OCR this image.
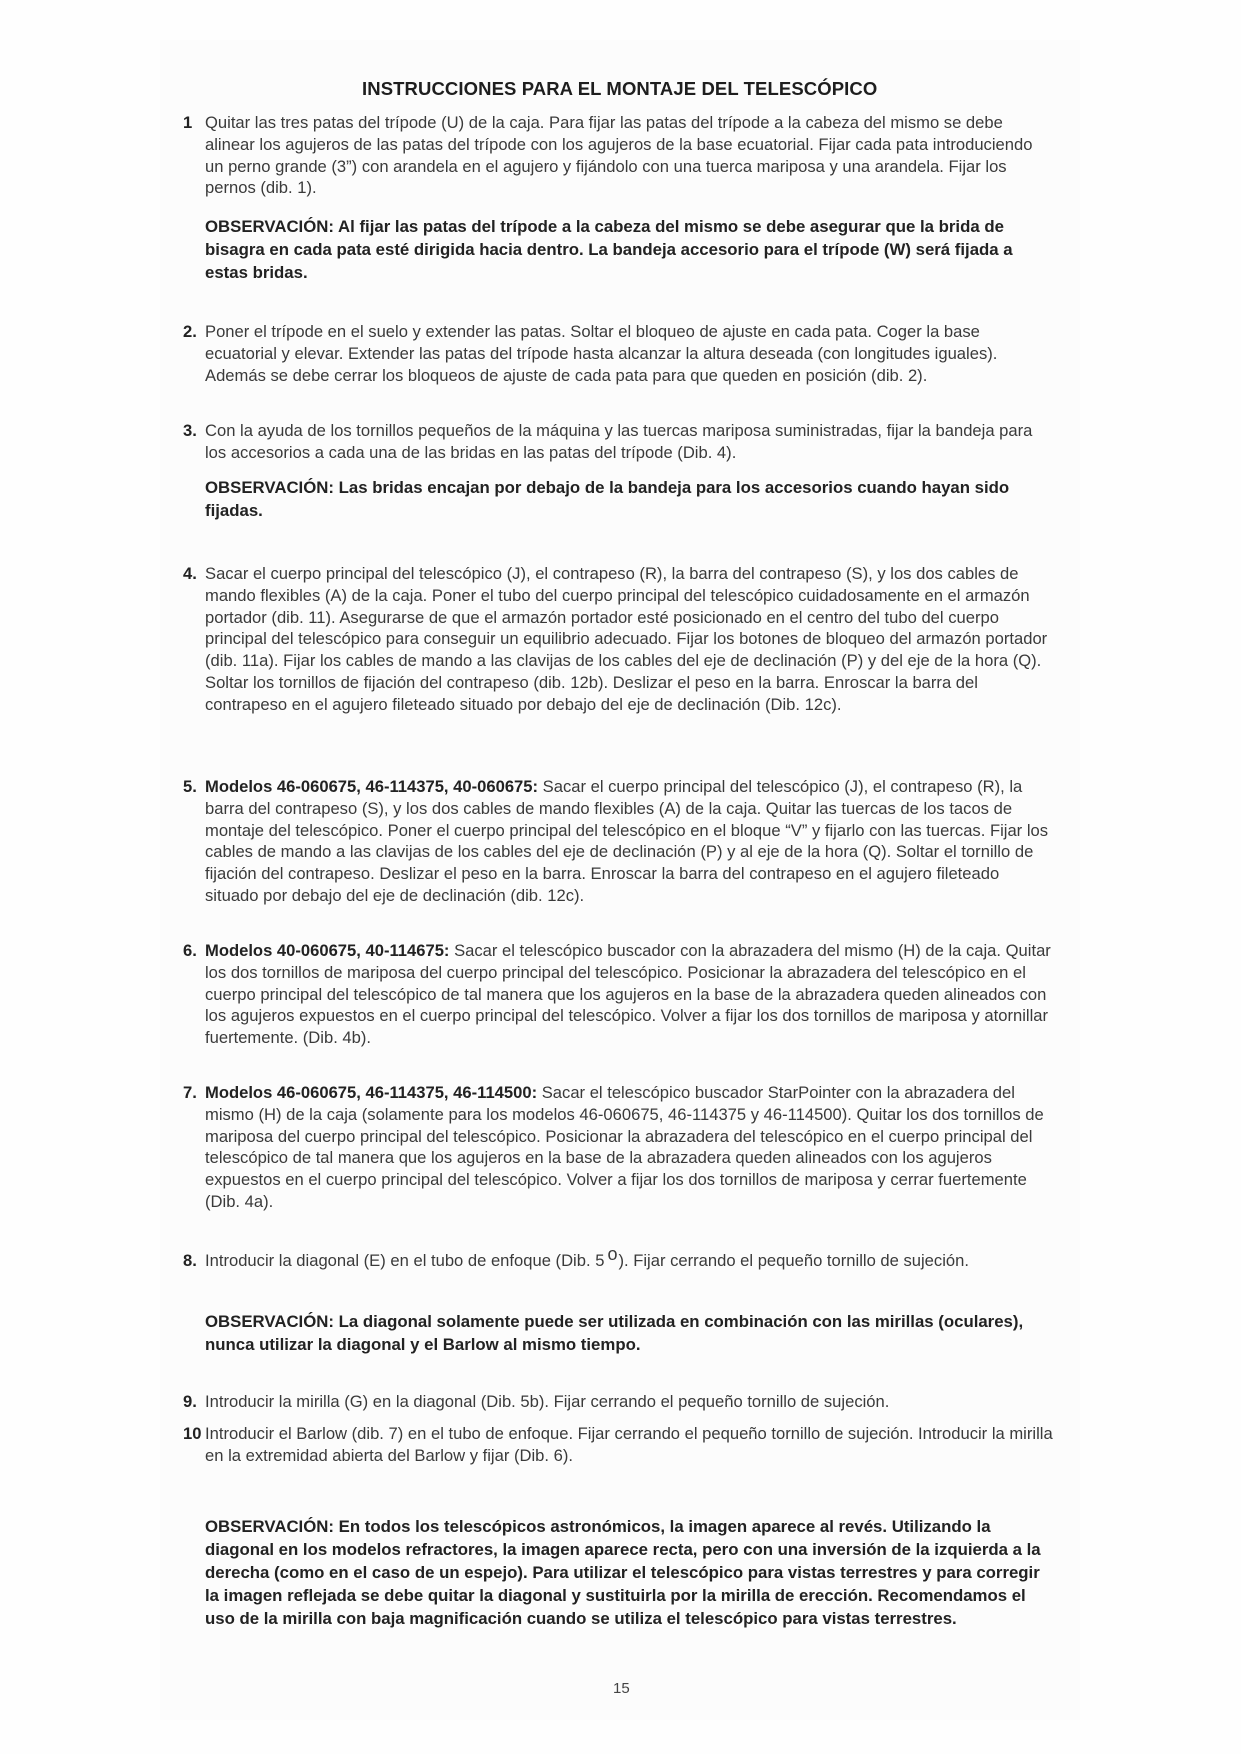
INSTRUCCIONES PARA EL MONTAJE DEL TELESCÓPICO
1 Quitar las tres patas del trípode (U) de la caja. Para fijar las patas del trípode a la cabeza del mismo se debe alinear los agujeros de las patas del trípode con los agujeros de la base ecuatorial. Fijar cada pata introduciendo un perno grande (3”) con arandela en el agujero y fijándolo con una tuerca mariposa y una arandela. Fijar los pernos (dib. 1).
OBSERVACIÓN: Al fijar las patas del trípode a la cabeza del mismo se debe asegurar que la brida de bisagra en cada pata esté dirigida hacia dentro. La bandeja accesorio para el trípode (W) será fijada a estas bridas.
2. Poner el trípode en el suelo y extender las patas. Soltar el bloqueo de ajuste en cada pata. Coger la base ecuatorial y elevar. Extender las patas del trípode hasta alcanzar la altura deseada (con longitudes iguales). Además se debe cerrar los bloqueos de ajuste de cada pata para que queden en posición (dib. 2).
3. Con la ayuda de los tornillos pequeños de la máquina y las tuercas mariposa suministradas, fijar la bandeja para los accesorios a cada una de las bridas en las patas del trípode (Dib. 4).
OBSERVACIÓN: Las bridas encajan por debajo de la bandeja para los accesorios cuando hayan sido fijadas.
4. Sacar el cuerpo principal del telescópico (J), el contrapeso (R), la barra del contrapeso (S), y los dos cables de mando flexibles (A) de la caja. Poner el tubo del cuerpo principal del telescópico cuidadosamente en el armazón portador (dib. 11). Asegurarse de que el armazón portador esté posicionado en el centro del tubo del cuerpo principal del telescópico para conseguir un equilibrio adecuado. Fijar los botones de bloqueo del armazón portador (dib. 11a). Fijar los cables de mando a las clavijas de los cables del eje de declinación (P) y del eje de la hora (Q). Soltar los tornillos de fijación del contrapeso (dib. 12b). Deslizar el peso en la barra. Enroscar la barra del contrapeso en el agujero fileteado situado por debajo del eje de declinación (Dib. 12c).
5. Modelos 46-060675, 46-114375, 40-060675: Sacar el cuerpo principal del telescópico (J), el contrapeso (R), la barra del contrapeso (S), y los dos cables de mando flexibles (A) de la caja. Quitar las tuercas de los tacos de montaje del telescópico. Poner el cuerpo principal del telescópico en el bloque “V” y fijarlo con las tuercas. Fijar los cables de mando a las clavijas de los cables del eje de declinación (P) y al eje de la hora (Q). Soltar el tornillo de fijación del contrapeso. Deslizar el peso en la barra. Enroscar la barra del contrapeso en el agujero fileteado situado por debajo del eje de declinación (dib. 12c).
6. Modelos 40-060675, 40-114675: Sacar el telescópico buscador con la abrazadera del mismo (H) de la caja. Quitar los dos tornillos de mariposa del cuerpo principal del telescópico. Posicionar la abrazadera del telescópico en el cuerpo principal del telescópico de tal manera que los agujeros en la base de la abrazadera queden alineados con los agujeros expuestos en el cuerpo principal del telescópico. Volver a fijar los dos tornillos de mariposa y atornillar fuertemente. (Dib. 4b).
7. Modelos 46-060675, 46-114375, 46-114500: Sacar el telescópico buscador StarPointer con la abrazadera del mismo (H) de la caja (solamente para los modelos 46-060675, 46-114375 y 46-114500). Quitar los dos tornillos de mariposa del cuerpo principal del telescópico. Posicionar la abrazadera del telescópico en el cuerpo principal del telescópico de tal manera que los agujeros en la base de la abrazadera queden alineados con los agujeros expuestos en el cuerpo principal del telescópico. Volver a fijar los dos tornillos de mariposa y cerrar fuertemente (Dib. 4a).
8. Introducir la diagonal (E) en el tubo de enfoque (Dib. 5 o). Fijar cerrando el pequeño tornillo de sujeción.
OBSERVACIÓN: La diagonal solamente puede ser utilizada en combinación con las mirillas (oculares), nunca utilizar la diagonal y el Barlow al mismo tiempo.
9. Introducir la mirilla (G) en la diagonal (Dib. 5b). Fijar cerrando el pequeño tornillo de sujeción.
10 Introducir el Barlow (dib. 7) en el tubo de enfoque. Fijar cerrando el pequeño tornillo de sujeción. Introducir la mirilla en la extremidad abierta del Barlow y fijar (Dib. 6).
OBSERVACIÓN: En todos los telescópicos astronómicos, la imagen aparece al revés. Utilizando la diagonal en los modelos refractores, la imagen aparece recta, pero con una inversión de la izquierda a la derecha (como en el caso de un espejo). Para utilizar el telescópico para vistas terrestres y para corregir la imagen reflejada se debe quitar la diagonal y sustituirla por la mirilla de erección. Recomendamos el uso de la mirilla con baja magnificación cuando se utiliza el telescópico para vistas terrestres.
15
